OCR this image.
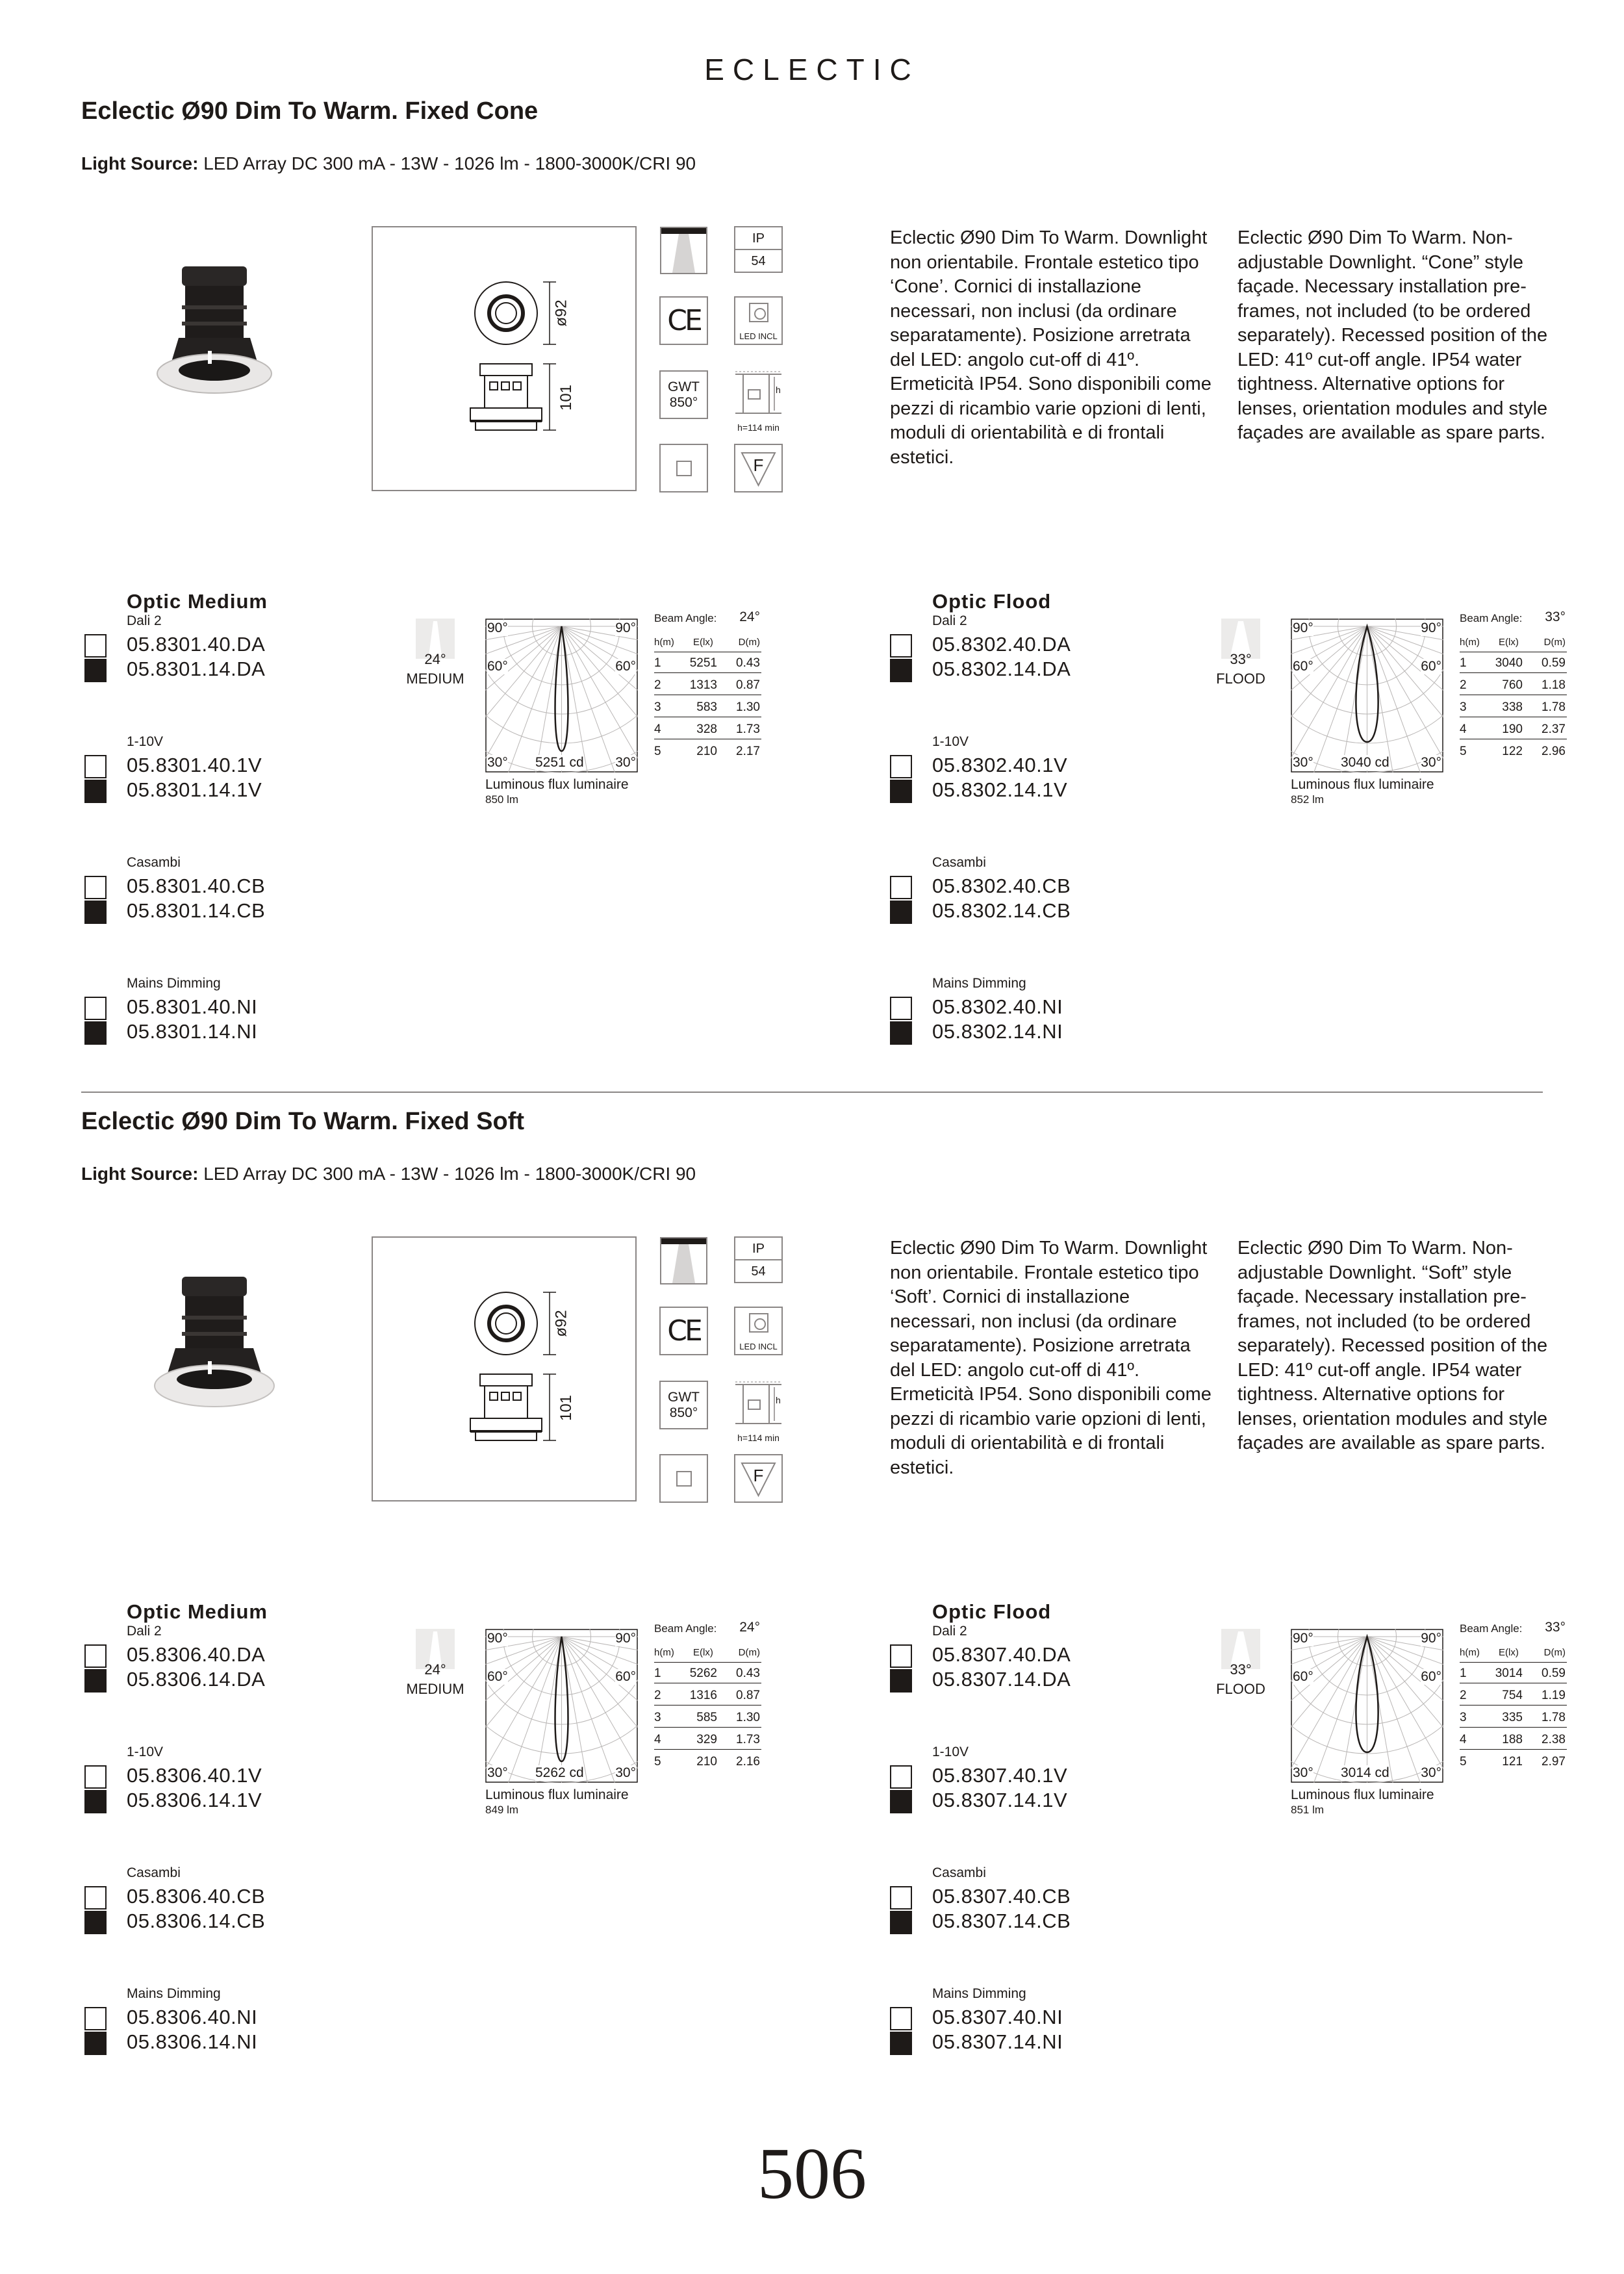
ECLECTIC
Eclectic Ø90 Dim To Warm. Fixed Cone
Light Source: LED Array DC 300 mA - 13W - 1026 lm - 1800-3000K/CRI 90
ø92
101
IP
54
CE	LED INCL
GWT
850°
h
h=114 min
F
Eclectic Ø90 Dim To Warm. Downlight non orientabile. Frontale estetico tipo ‘Cone’. Cornici di installazione necessari, non inclusi (da ordinare separatamente). Posizione arretrata del LED: angolo cut-off di 41º. Ermeticità IP54. Sono disponibili come pezzi di ricambio varie opzioni di lenti, moduli di orientabilità e di frontali estetici.
Eclectic Ø90 Dim To Warm. Non-adjustable Downlight. “Cone” style façade. Necessary installation pre-frames, not included (to be ordered separately). Recessed position of the LED: 41º cut-off angle. IP54 water tightness. Alternative options for lenses, orientation modules and style façades are available as spare parts.
Optic Medium
Dali 2
05.8301.40.DA
05.8301.14.DA
1-10V
05.8301.40.1V
05.8301.14.1V
Casambi
05.8301.40.CB
05.8301.14.CB
Mains Dimming
05.8301.40.NI
05.8301.14.NI
24°
MEDIUM
90°	90°
60°	60°
30°	30°
5251 cd
Luminous flux luminaire
850 lm
Beam Angle: 24°
h(m) E(lx)	D(m)
1 5251 0.43
2 1313 0.87
3	583 1.30
4	328 1.73
5	210 2.17
Optic Flood
Dali 2
05.8302.40.DA
05.8302.14.DA
1-10V
05.8302.40.1V
05.8302.14.1V
Casambi
05.8302.40.CB
05.8302.14.CB
Mains Dimming
05.8302.40.NI
05.8302.14.NI
33°
FLOOD
90°	90°
60°	60°
30°	30°
3040 cd
Luminous flux luminaire
852 lm
Beam Angle: 33°
h(m) E(lx)	D(m)
1 3040 0.59
2	760 1.18
3	338 1.78
4	190 2.37
5	122 2.96
Eclectic Ø90 Dim To Warm. Fixed Soft
Light Source: LED Array DC 300 mA - 13W - 1026 lm - 1800-3000K/CRI 90
ø92
101
IP
54
CE	LED INCL
GWT
850°
h
h=114 min
F
Eclectic Ø90 Dim To Warm. Downlight non orientabile. Frontale estetico tipo ‘Soft’. Cornici di installazione necessari, non inclusi (da ordinare separatamente). Posizione arretrata del LED: angolo cut-off di 41º. Ermeticità IP54. Sono disponibili come pezzi di ricambio varie opzioni di lenti, moduli di orientabilità e di frontali estetici.
Eclectic Ø90 Dim To Warm. Non-adjustable Downlight. “Soft” style façade. Necessary installation pre-frames, not included (to be ordered separately). Recessed position of the LED: 41º cut-off angle. IP54 water tightness. Alternative options for lenses, orientation modules and style façades are available as spare parts.
Optic Medium
Dali 2
05.8306.40.DA
05.8306.14.DA
1-10V
05.8306.40.1V
05.8306.14.1V
Casambi
05.8306.40.CB
05.8306.14.CB
Mains Dimming
05.8306.40.NI
05.8306.14.NI
24°
MEDIUM
90°	90°
60°	60°
30°	30°
5262 cd
Luminous flux luminaire
849 lm
Beam Angle: 24°
h(m) E(lx)	D(m)
1 5262 0.43
2 1316 0.87
3	585 1.30
4	329 1.73
5	210 2.16
Optic Flood
Dali 2
05.8307.40.DA
05.8307.14.DA
1-10V
05.8307.40.1V
05.8307.14.1V
Casambi
05.8307.40.CB
05.8307.14.CB
Mains Dimming
05.8307.40.NI
05.8307.14.NI
33°
FLOOD
90°	90°
60°	60°
30°	30°
3014 cd
Luminous flux luminaire
851 lm
Beam Angle: 33°
h(m) E(lx)	D(m)
1 3014 0.59
2	754 1.19
3	335 1.78
4	188 2.38
5	121 2.97
506
